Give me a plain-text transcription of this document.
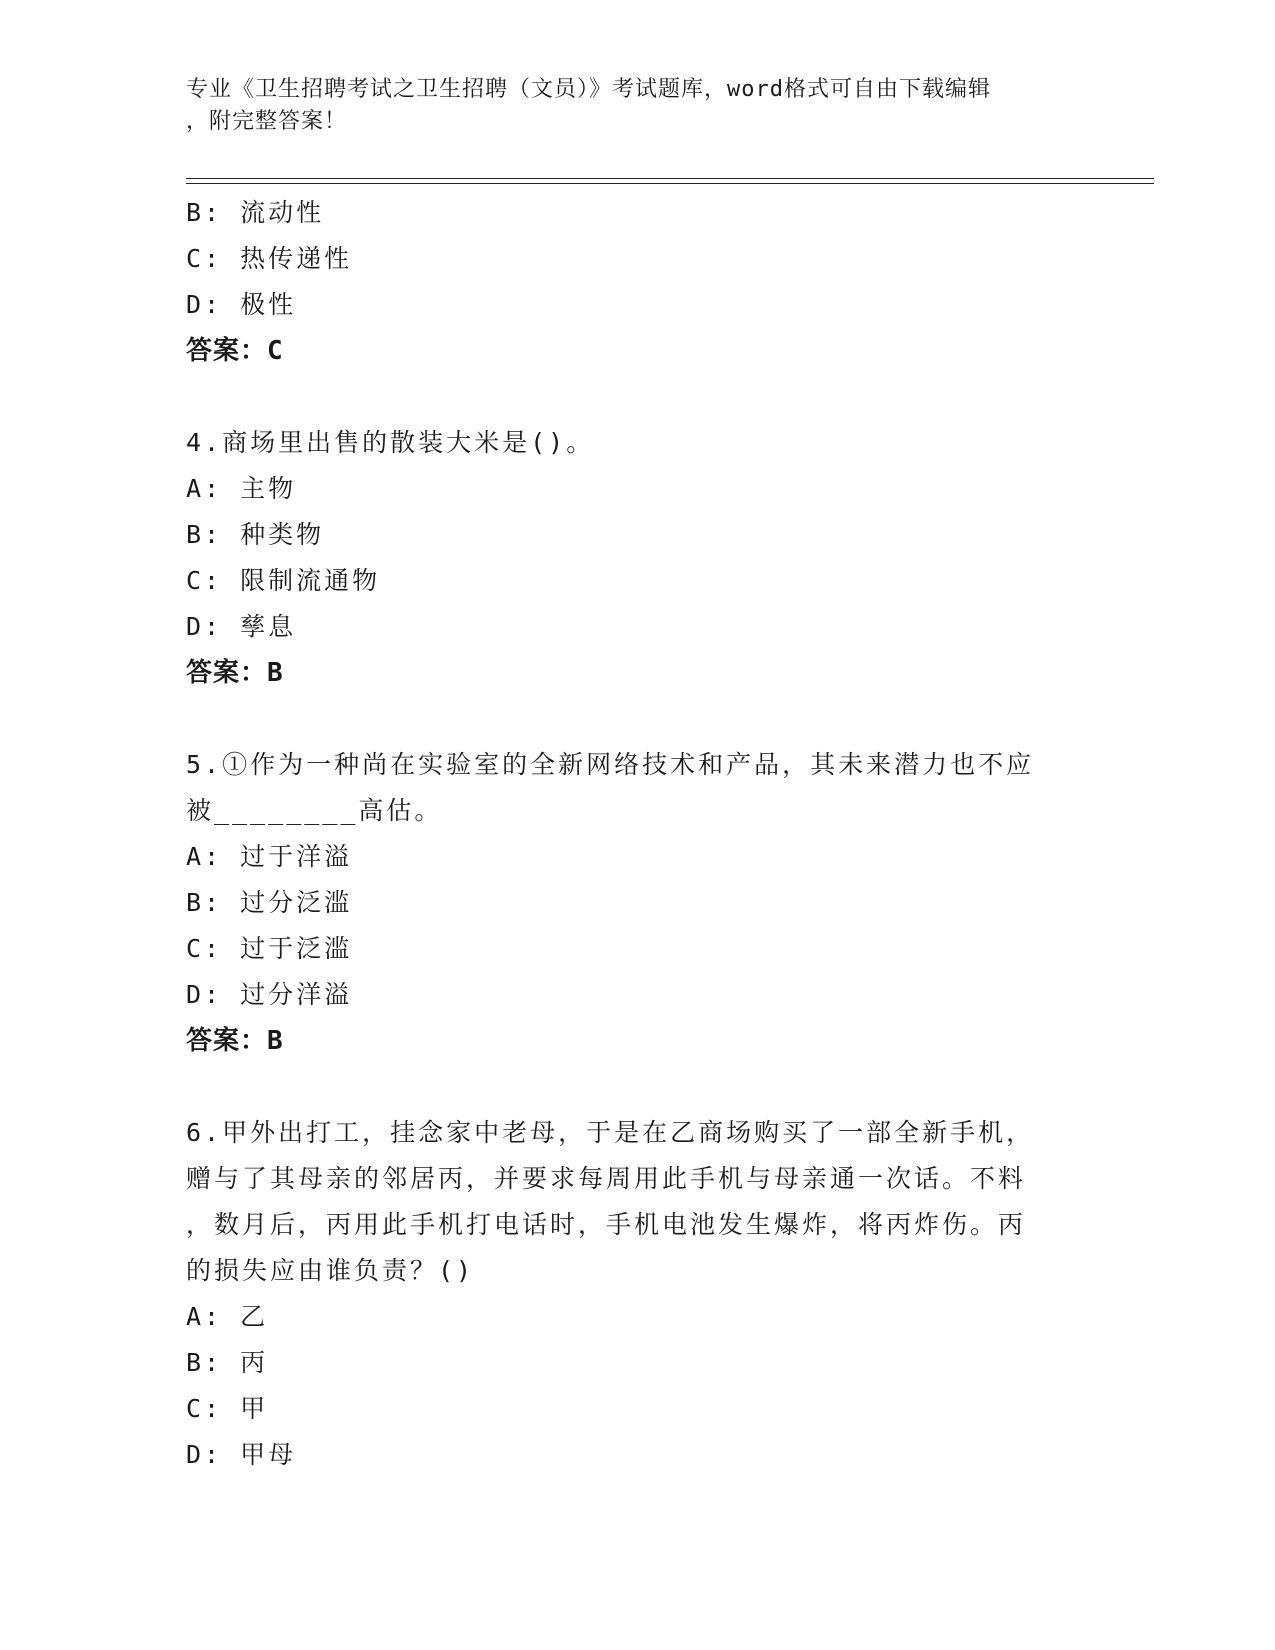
专业《卫生招聘考试之卫生招聘（文员）》考试题库，word格式可自由下载编辑
，附完整答案！
B: 流动性
C: 热传递性
D: 极性
答案：C
4.商场里出售的散装大米是()。
A: 主物
B: 种类物
C: 限制流通物
D: 孳息
答案：B
5.①作为一种尚在实验室的全新网络技术和产品，其未来潜力也不应
被________高估。
A: 过于洋溢
B: 过分泛滥
C: 过于泛滥
D: 过分洋溢
答案：B
6.甲外出打工，挂念家中老母，于是在乙商场购买了一部全新手机，
赠与了其母亲的邻居丙，并要求每周用此手机与母亲通一次话。不料
，数月后，丙用此手机打电话时，手机电池发生爆炸，将丙炸伤。丙
的损失应由谁负责？()
A: 乙
B: 丙
C: 甲
D: 甲母
